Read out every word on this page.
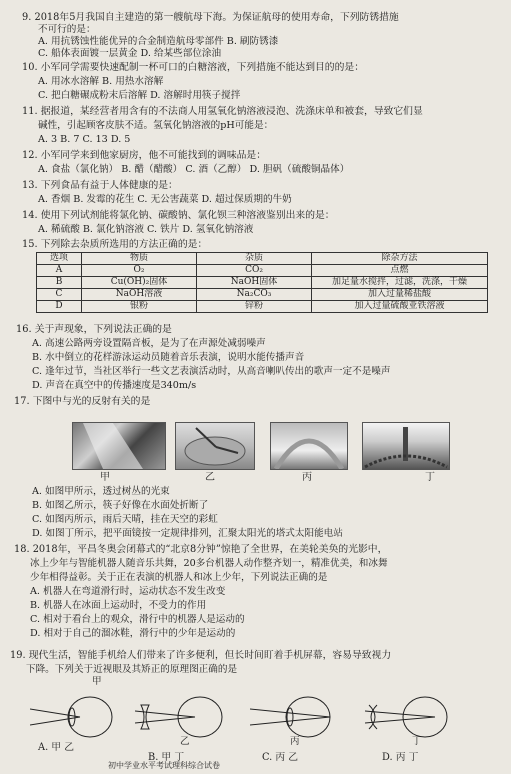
9. 2018年5月我国自主建造的第一艘航母下海。为保证航母的使用寿命，下列防锈措施
不可行的是：
A. 用抗锈蚀性能优异的合金制造航母零部件 B. 刷防锈漆
C. 船体表面镀一层黄金 D. 给某些部位涂油
10. 小军同学需要快速配制一杯可口的白糖溶液，下列措施不能达到目的的是：
A. 用冰水溶解 B. 用热水溶解
C. 把白糖碾成粉末后溶解 D. 溶解时用筷子搅拌
11. 据报道，某经营者用含有的不法商人用氢氧化钠溶液浸泡、洗涤床单和被套，导致它们显
碱性，引起顾客皮肤不适。氢氧化钠溶液的pH可能是：
A. 3 B. 7 C. 13 D. 5
12. 小军同学来到他家厨房，他不可能找到的调味品是：
A. 食盐（氯化钠） B. 醋（醋酸） C. 酒（乙醇） D. 胆矾（硫酸铜晶体）
13. 下列食品有益于人体健康的是：
A. 香烟 B. 发霉的花生 C. 无公害蔬菜 D. 超过保质期的牛奶
14. 使用下列试剂能将氯化钠、碳酸钠、氯化钡三种溶液鉴别出来的是：
A. 稀硫酸 B. 氯化钠溶液 C. 铁片 D. 氢氧化钠溶液
15. 下列除去杂质所选用的方法正确的是：
选项	物质	杂质	除杂方法
A	O₂	CO₂	点燃
B	Cu(OH)₂固体	NaOH固体	加足量水搅拌，过滤，洗涤，干燥
C	NaOH溶液	Na₂CO₃	加入过量稀盐酸
D	银粉	锌粉	加入过量硫酸亚铁溶液
16. 关于声现象，下列说法正确的是
A. 高速公路两旁设置隔音板，是为了在声源处减弱噪声
B. 水中倒立的花样游泳运动员随着音乐表演，说明水能传播声音
C. 逢年过节，当社区举行一些文艺表演活动时，从高音喇叭传出的歌声一定不是噪声
D. 声音在真空中的传播速度是340m/s
17. 下图中与光的反射有关的是
甲	乙	丙	丁
A. 如图甲所示，透过树丛的光束
B. 如图乙所示，筷子好像在水面处折断了
C. 如图丙所示，雨后天晴，挂在天空的彩虹
D. 如图丁所示，把平面镜按一定规律排列，汇聚太阳光的塔式太阳能电站
18. 2018年，平昌冬奥会闭幕式的“北京8分钟”惊艳了全世界，在美轮美奂的光影中，
冰上少年与智能机器人随音乐共舞，20多台机器人动作整齐划一，精准优美，和冰舞
少年相得益彰。关于正在表演的机器人和冰上少年，下列说法正确的是
A. 机器人在弯道滑行时，运动状态不发生改变
B. 机器人在冰面上运动时，不受力的作用
C. 相对于看台上的观众，滑行中的机器人是运动的
D. 相对于自己的溜冰鞋，滑行中的少年是运动的
19. 现代生活，智能手机给人们带来了许多便利，但长时间盯着手机屏幕，容易导致视力
下降。下列关于近视眼及其矫正的原理图正确的是
甲
乙	丙	丁
A. 甲 乙
B. 甲 丁	C. 丙 乙	D. 丙 丁
初中学业水平考试理科综合试卷
